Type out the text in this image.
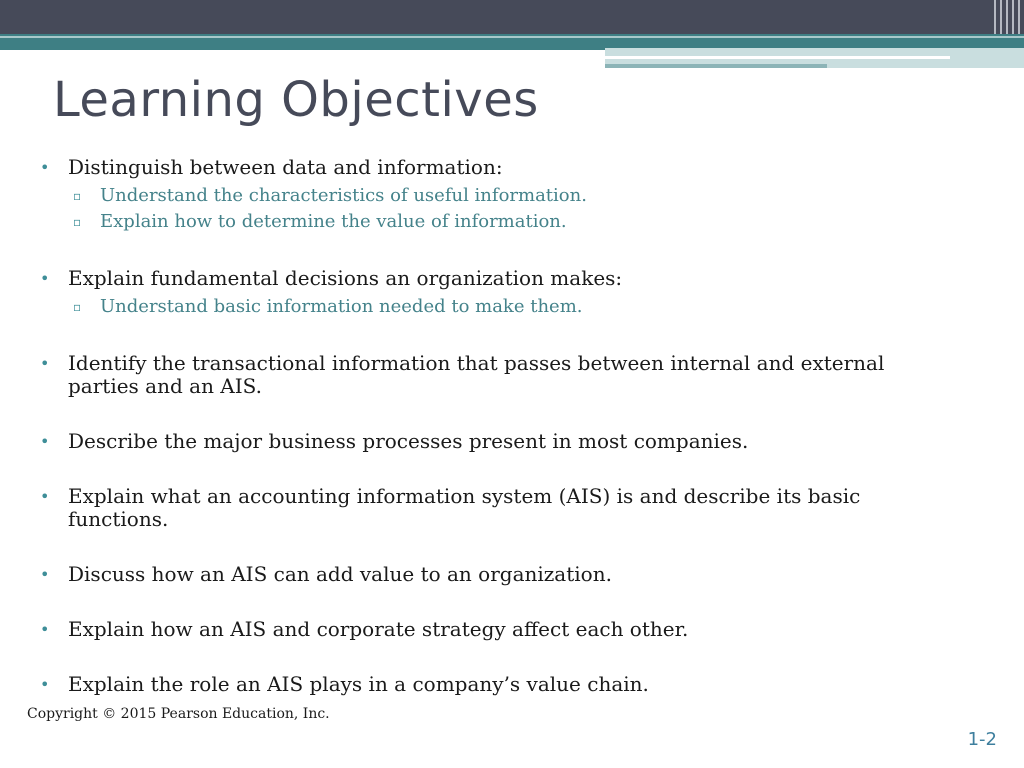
Learning Objectives
• Distinguish between data and information:
▫ Understand the characteristics of useful information.
▫ Explain how to determine the value of information.
• Explain fundamental decisions an organization makes:
▫ Understand basic information needed to make them.
• Identify the transactional information that passes between internal and external parties and an AIS.
• Describe the major business processes present in most companies.
• Explain what an accounting information system (AIS) is and describe its basic functions.
• Discuss how an AIS can add value to an organization.
• Explain how an AIS and corporate strategy affect each other.
• Explain the role an AIS plays in a company’s value chain.
Copyright © 2015 Pearson Education, Inc.
1-2
